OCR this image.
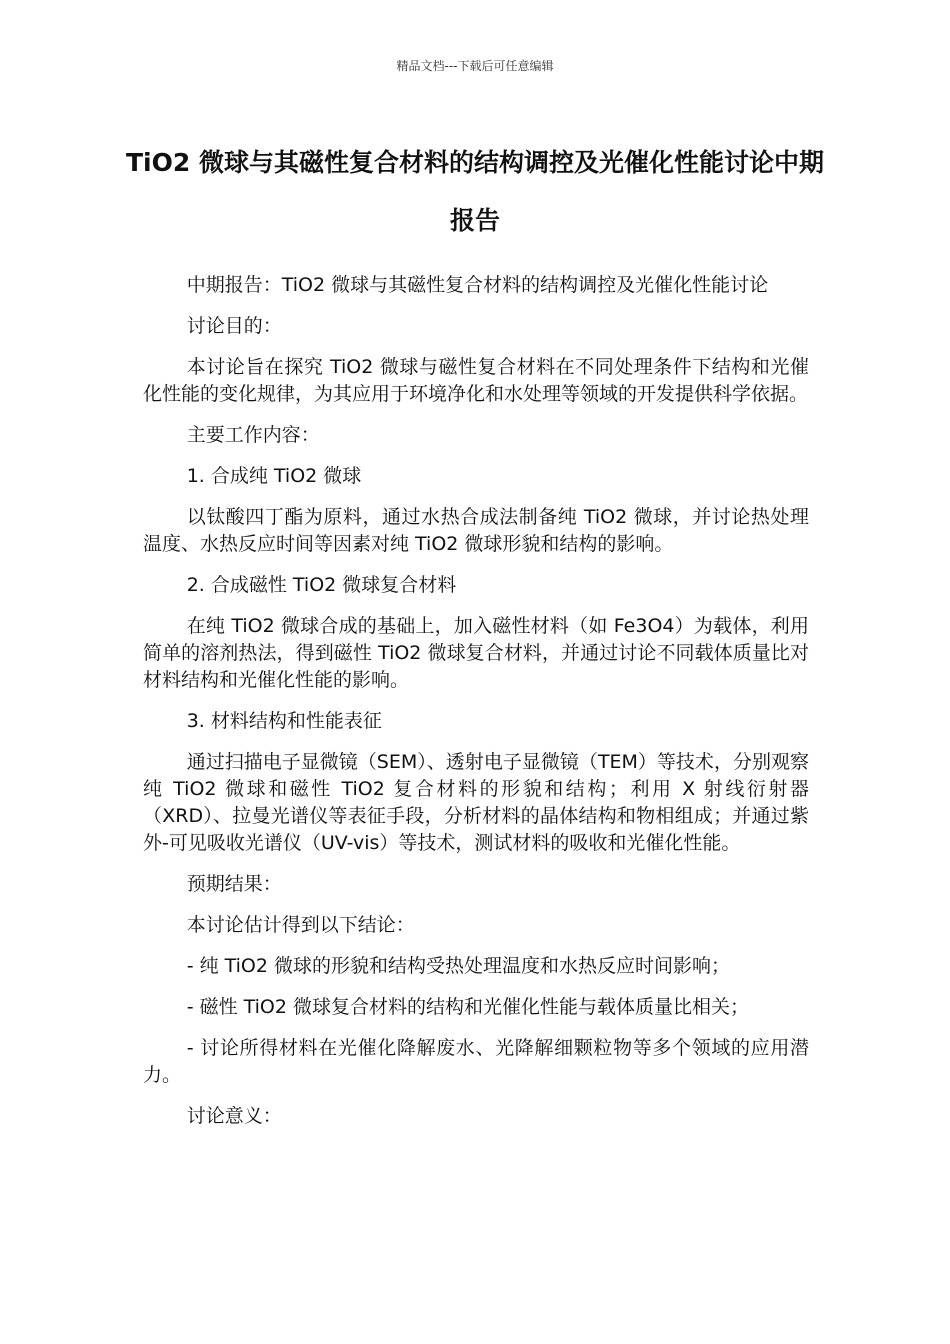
精品文档---下载后可任意编辑
TiO2 微球与其磁性复合材料的结构调控及光催化性能讨论中期报告

中期报告：TiO2 微球与其磁性复合材料的结构调控及光催化性能讨论

讨论目的：

本讨论旨在探究 TiO2 微球与磁性复合材料在不同处理条件下结构和光催化性能的变化规律，为其应用于环境净化和水处理等领域的开发提供科学依据。

主要工作内容：

1. 合成纯 TiO2 微球

以钛酸四丁酯为原料，通过水热合成法制备纯 TiO2 微球，并讨论热处理温度、水热反应时间等因素对纯 TiO2 微球形貌和结构的影响。

2. 合成磁性 TiO2 微球复合材料

在纯 TiO2 微球合成的基础上，加入磁性材料（如 Fe3O4）为载体，利用简单的溶剂热法，得到磁性 TiO2 微球复合材料，并通过讨论不同载体质量比对材料结构和光催化性能的影响。

3. 材料结构和性能表征

通过扫描电子显微镜（SEM）、透射电子显微镜（TEM）等技术，分别观察纯 TiO2 微球和磁性 TiO2 复合材料的形貌和结构；利用 X 射线衍射器（XRD）、拉曼光谱仪等表征手段，分析材料的晶体结构和物相组成；并通过紫外-可见吸收光谱仪（UV-vis）等技术，测试材料的吸收和光催化性能。

预期结果：

本讨论估计得到以下结论：

- 纯 TiO2 微球的形貌和结构受热处理温度和水热反应时间影响；

- 磁性 TiO2 微球复合材料的结构和光催化性能与载体质量比相关；

- 讨论所得材料在光催化降解废水、光降解细颗粒物等多个领域的应用潜力。

讨论意义：
